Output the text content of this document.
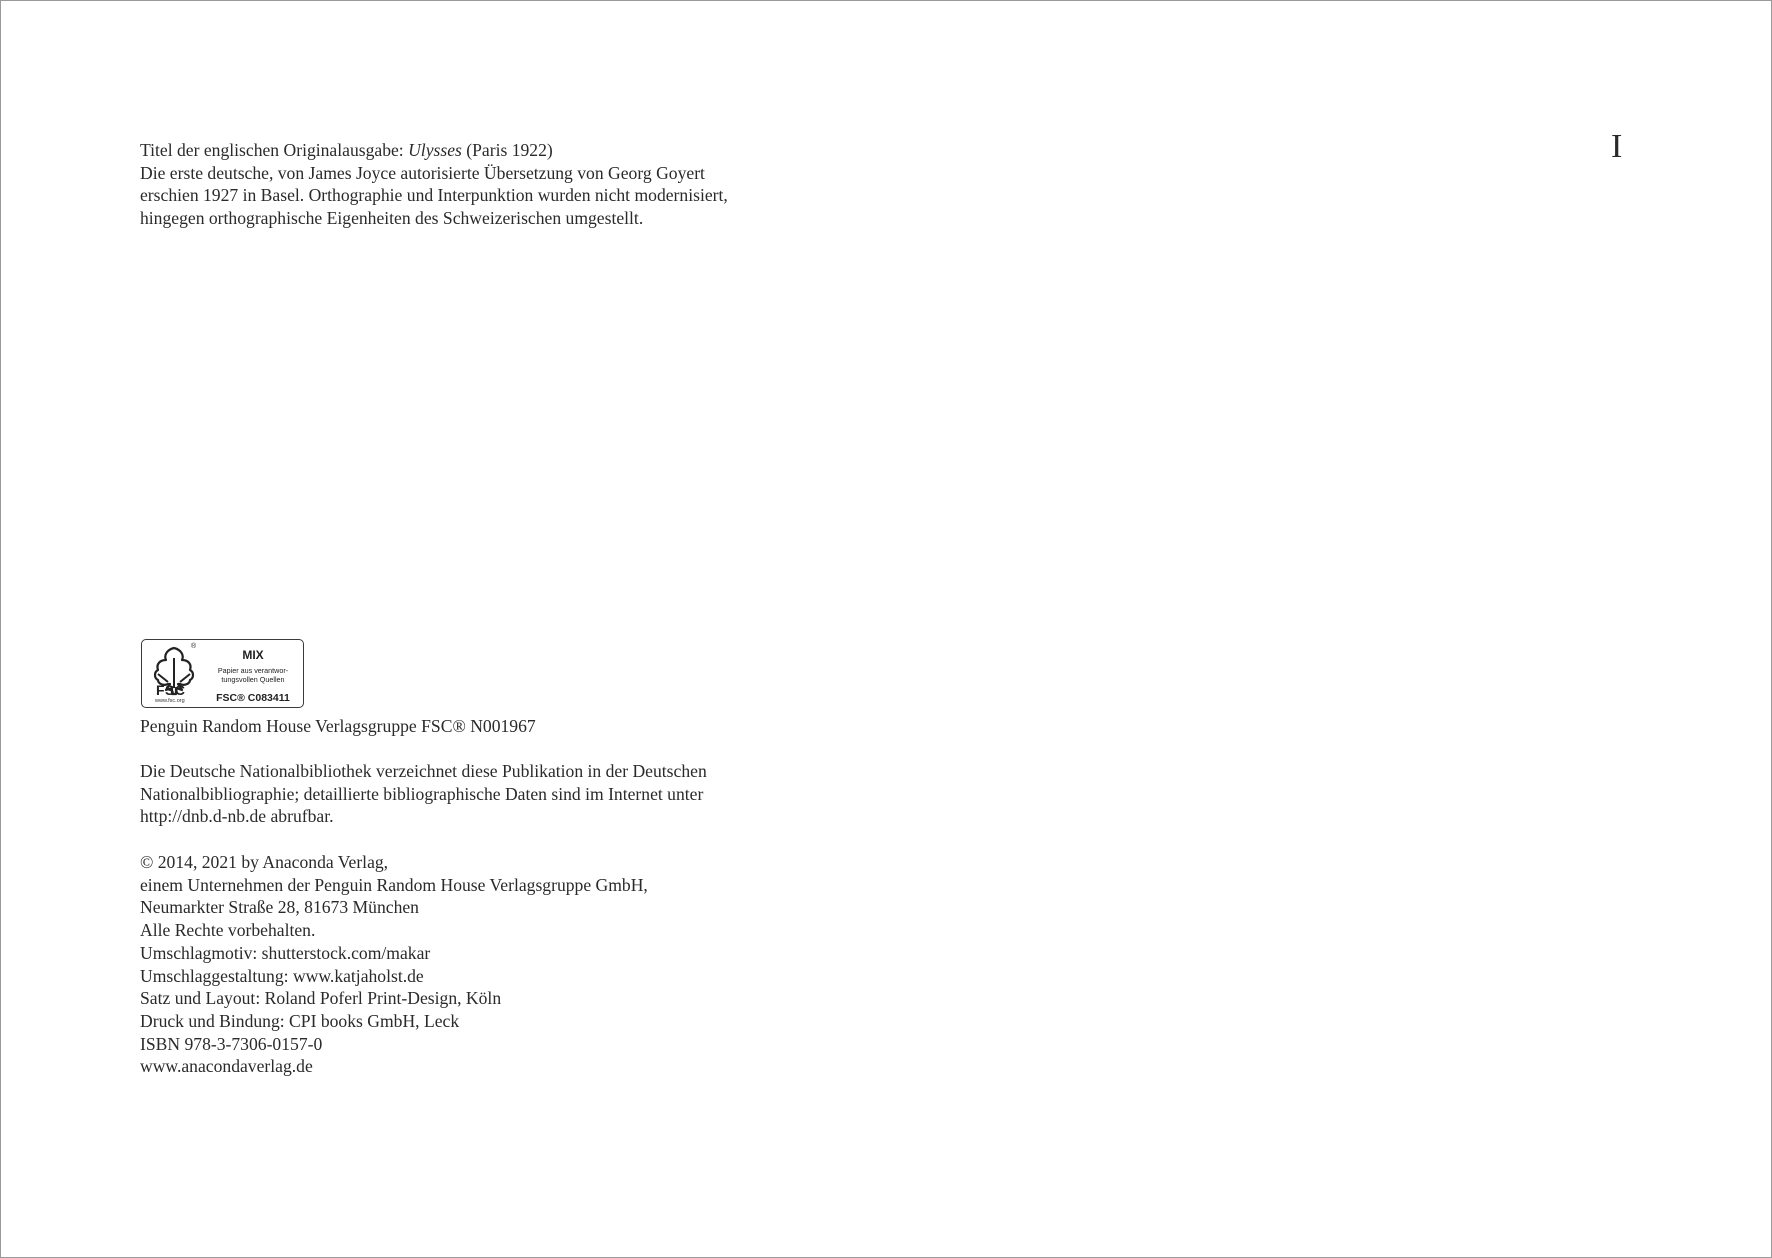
I
Titel der englischen Originalausgabe: Ulysses (Paris 1922)
Die erste deutsche, von James Joyce autorisierte Übersetzung von Georg Goyert
erschien 1927 in Basel. Orthographie und Interpunktion wurden nicht modernisiert,
hingegen orthographische Eigenheiten des Schweizerischen umgestellt.
®
FSC
www.fsc.org
MIX
Papier aus verantwor-tungsvollen Quellen
FSC® C083411
Penguin Random House Verlagsgruppe FSC® N001967
Die Deutsche Nationalbibliothek verzeichnet diese Publikation in der Deutschen
Nationalbibliographie; detaillierte bibliographische Daten sind im Internet unter
http://dnb.d-nb.de abrufbar.
© 2014, 2021 by Anaconda Verlag,
einem Unternehmen der Penguin Random House Verlagsgruppe GmbH,
Neumarkter Straße 28, 81673 München
Alle Rechte vorbehalten.
Umschlagmotiv: shutterstock.com/makar
Umschlaggestaltung: www.katjaholst.de
Satz und Layout: Roland Poferl Print-Design, Köln
Druck und Bindung: CPI books GmbH, Leck
ISBN 978-3-7306-0157-0
www.anacondaverlag.de
